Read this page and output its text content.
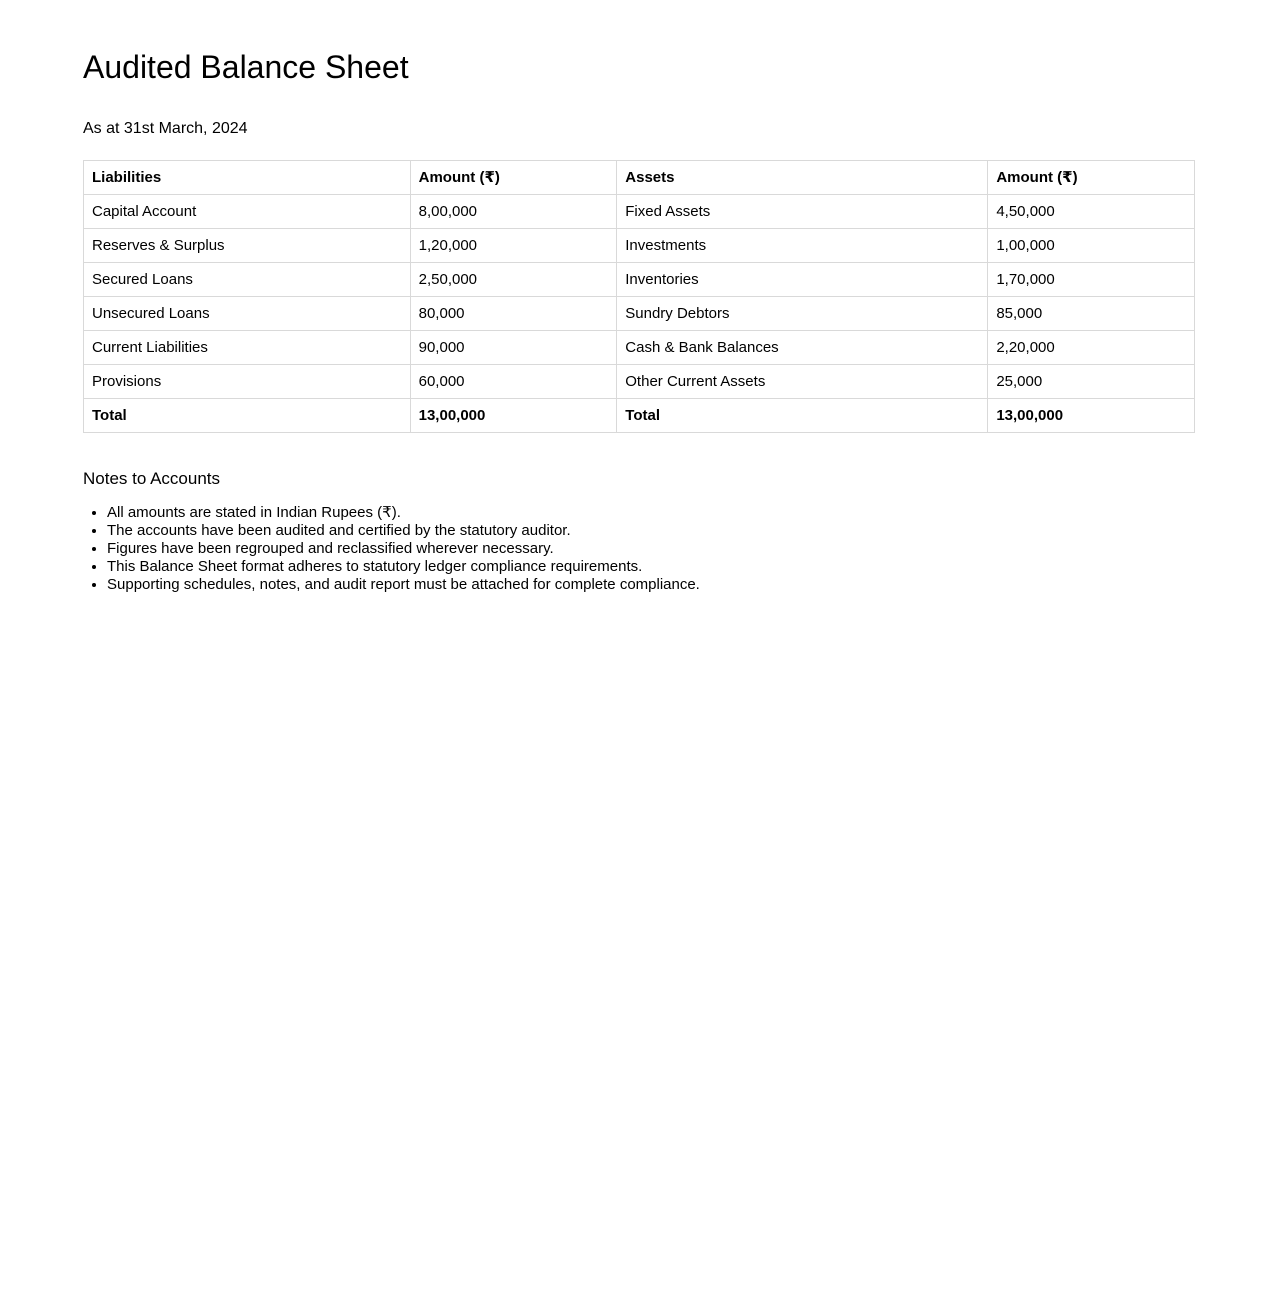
Audited Balance Sheet

As at 31st March, 2024

Liabilities	Amount (₹)	Assets	Amount (₹)
Capital Account	8,00,000	Fixed Assets	4,50,000
Reserves & Surplus	1,20,000	Investments	1,00,000
Secured Loans	2,50,000	Inventories	1,70,000
Unsecured Loans	80,000	Sundry Debtors	85,000
Current Liabilities	90,000	Cash & Bank Balances	2,20,000
Provisions	60,000	Other Current Assets	25,000
Total	13,00,000	Total	13,00,000
Notes to Accounts
• All amounts are stated in Indian Rupees (₹).
• The accounts have been audited and certified by the statutory auditor.
• Figures have been regrouped and reclassified wherever necessary.
• This Balance Sheet format adheres to statutory ledger compliance requirements.
• Supporting schedules, notes, and audit report must be attached for complete compliance.
